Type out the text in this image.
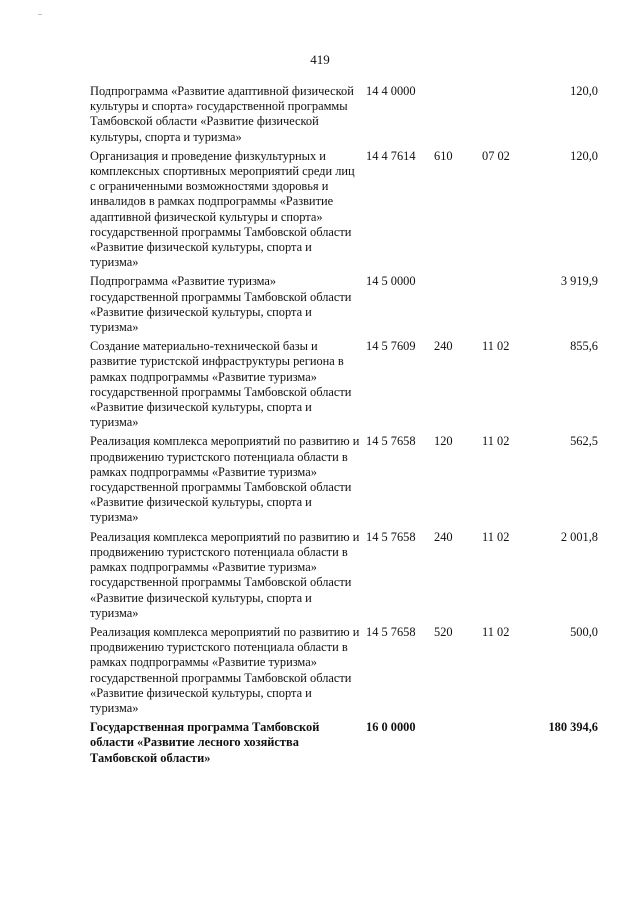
419
Подпрограмма «Развитие адаптивной физической культуры и спорта» государственной программы Тамбовской области «Развитие физической культуры, спорта и туризма»	14 4 0000			120,0
Организация и проведение физкультурных и комплексных спортивных мероприятий среди лиц с ограниченными возможностями здоровья и инвалидов в рамках подпрограммы «Развитие адаптивной физической культуры и спорта» государственной программы Тамбовской области «Развитие физической культуры, спорта и туризма»	14 4 7614	610	07 02	120,0
Подпрограмма «Развитие туризма» государственной программы Тамбовской области «Развитие физической культуры, спорта и туризма»	14 5 0000			3 919,9
Создание материально-технической базы и развитие туристской инфраструктуры региона в рамках подпрограммы «Развитие туризма» государственной программы Тамбовской области «Развитие физической культуры, спорта и туризма»	14 5 7609	240	11 02	855,6
Реализация комплекса мероприятий по развитию и продвижению туристского потенциала области в рамках подпрограммы «Развитие туризма» государственной программы Тамбовской области «Развитие физической культуры, спорта и туризма»	14 5 7658	120	11 02	562,5
Реализация комплекса мероприятий по развитию и продвижению туристского потенциала области в рамках подпрограммы «Развитие туризма» государственной программы Тамбовской области «Развитие физической культуры, спорта и туризма»	14 5 7658	240	11 02	2 001,8
Реализация комплекса мероприятий по развитию и продвижению туристского потенциала области в рамках подпрограммы «Развитие туризма» государственной программы Тамбовской области «Развитие физической культуры, спорта и туризма»	14 5 7658	520	11 02	500,0
Государственная программа Тамбовской области «Развитие лесного хозяйства Тамбовской области»	16 0 0000			180 394,6
